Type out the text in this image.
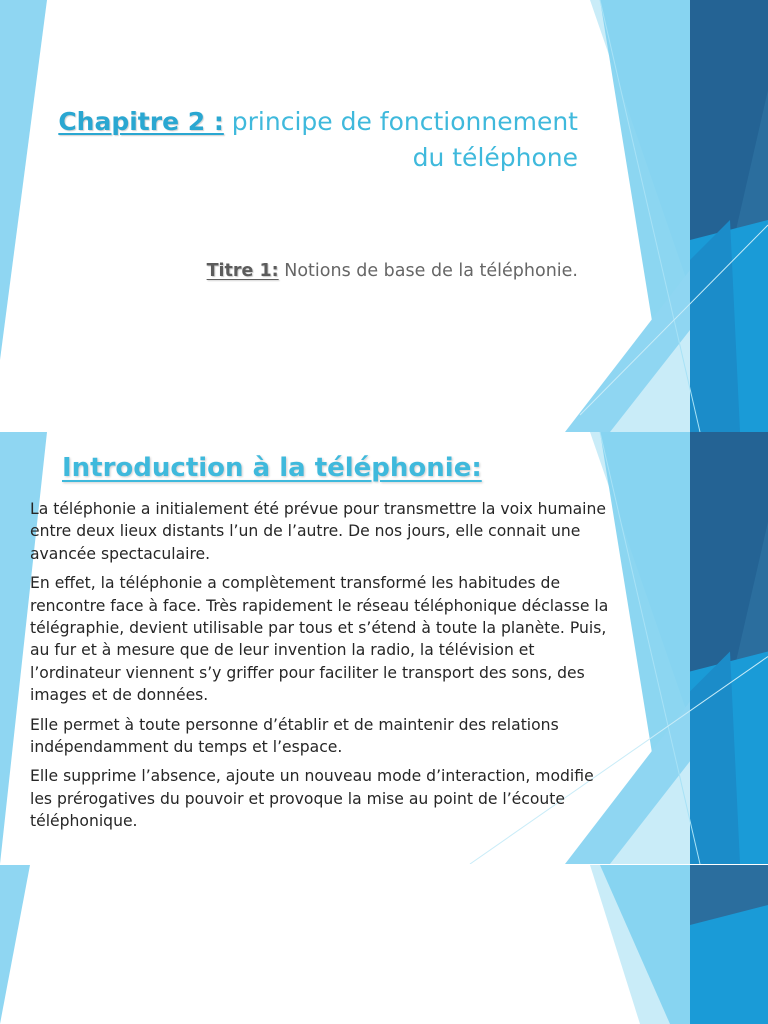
Chapitre 2 : principe de fonctionnement
du téléphone
Titre 1: Notions de base de la téléphonie.
Introduction à la téléphonie:

La téléphonie a initialement été prévue pour transmettre la voix humaine entre deux lieux distants l’un de l’autre. De nos jours, elle connait une avancée spectaculaire.

En effet, la téléphonie a complètement transformé les habitudes de rencontre face à face. Très rapidement le réseau téléphonique déclasse la télégraphie, devient utilisable par tous et s’étend à toute la planète. Puis, au fur et à mesure que de leur invention la radio, la télévision et l’ordinateur viennent s’y griffer pour faciliter le transport des sons, des images et de données.

Elle permet à toute personne d’établir et de maintenir des relations indépendamment du temps et l’espace.

Elle supprime l’absence, ajoute un nouveau mode d’interaction, modifie les prérogatives du pouvoir et provoque la mise au point de l’écoute téléphonique.
